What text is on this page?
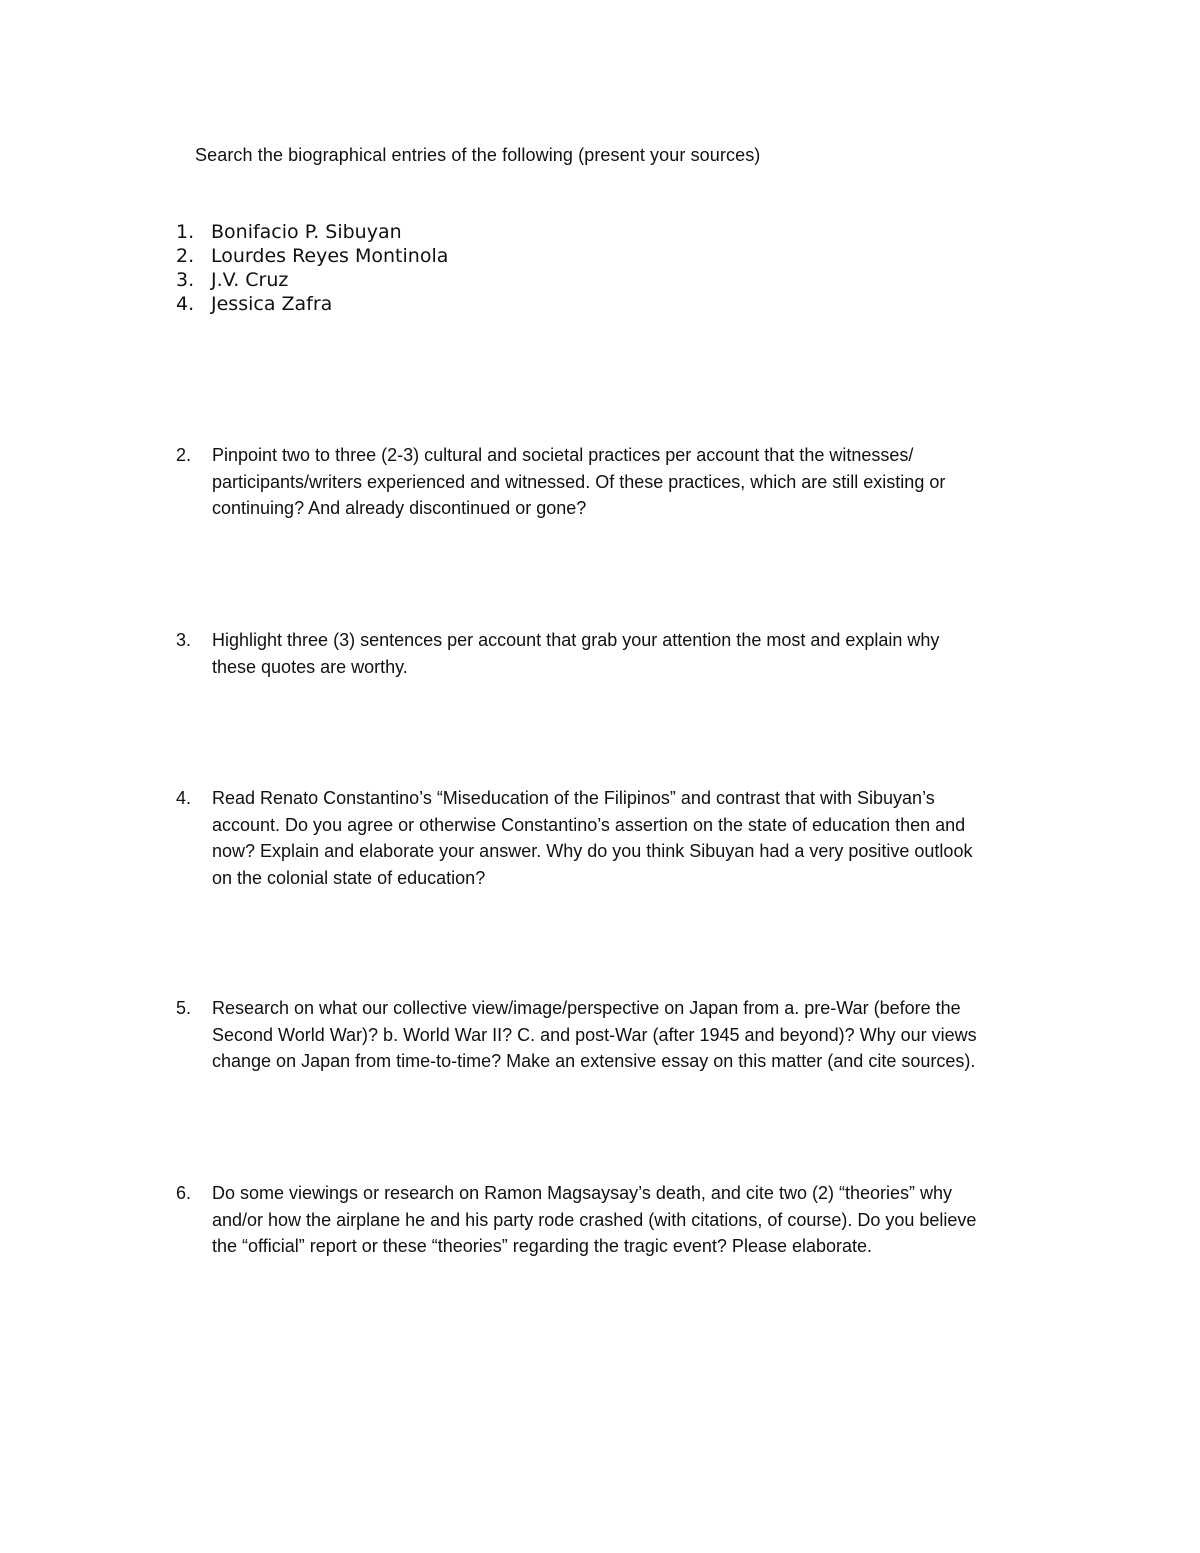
Search the biographical entries of the following (present your sources)
1. Bonifacio P. Sibuyan
2. Lourdes Reyes Montinola
3. J.V. Cruz
4. Jessica Zafra
2.	Pinpoint two to three (2-3) cultural and societal practices per account that the witnesses/
participants/writers experienced and witnessed. Of these practices, which are still existing or
continuing? And already discontinued or gone?
3.	Highlight three (3) sentences per account that grab your attention the most and explain why
these quotes are worthy.
4.	Read Renato Constantino’s “Miseducation of the Filipinos” and contrast that with Sibuyan’s
account. Do you agree or otherwise Constantino’s assertion on the state of education then and
now? Explain and elaborate your answer. Why do you think Sibuyan had a very positive outlook
on the colonial state of education?
5.	Research on what our collective view/image/perspective on Japan from a. pre-War (before the
Second World War)? b. World War II? C. and post-War (after 1945 and beyond)? Why our views
change on Japan from time-to-time? Make an extensive essay on this matter (and cite sources).
6.	Do some viewings or research on Ramon Magsaysay’s death, and cite two (2) “theories” why
and/or how the airplane he and his party rode crashed (with citations, of course). Do you believe
the “official” report or these “theories” regarding the tragic event? Please elaborate.
